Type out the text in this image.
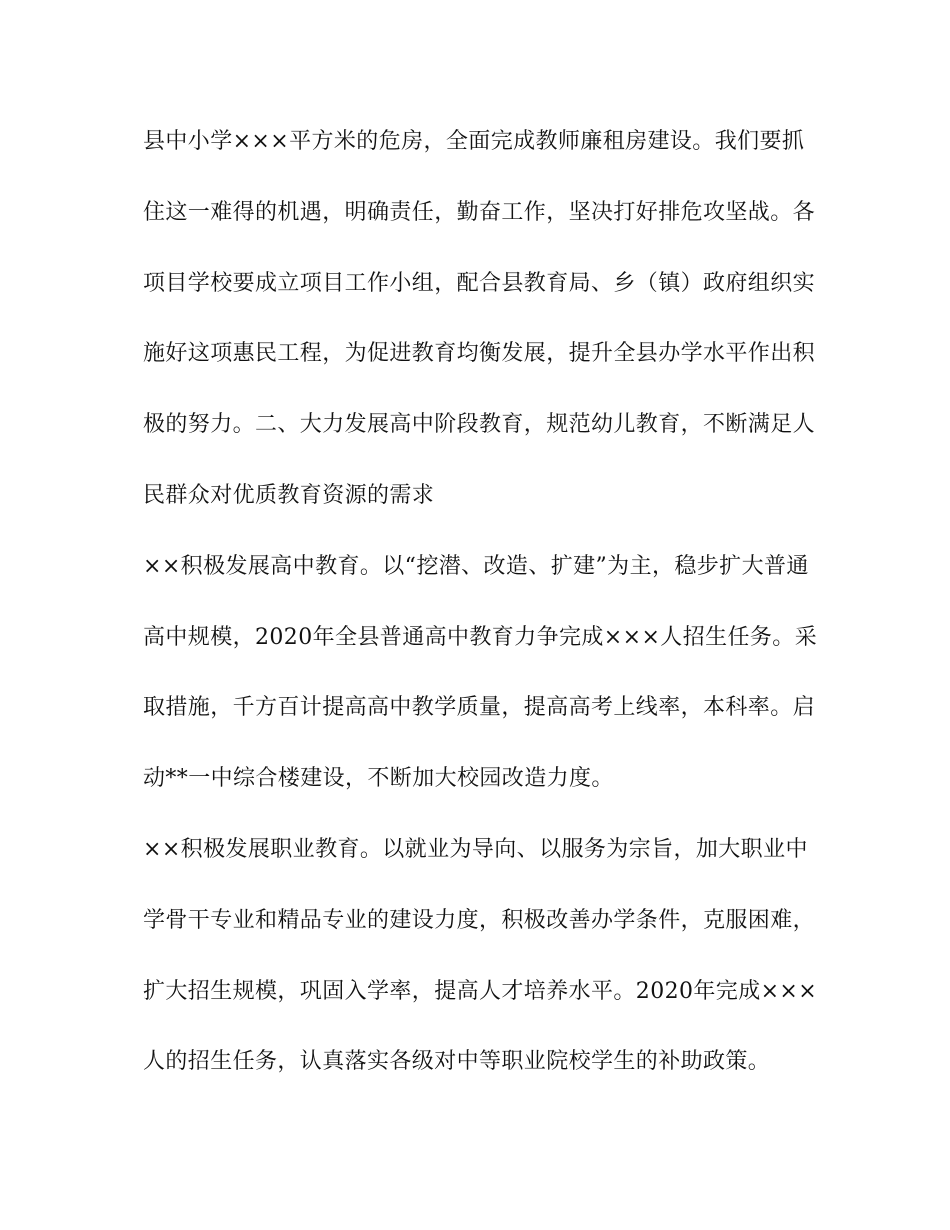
县中小学×××平方米的危房，全面完成教师廉租房建设。我们要抓
住这一难得的机遇，明确责任，勤奋工作，坚决打好排危攻坚战。各
项目学校要成立项目工作小组，配合县教育局、乡（镇）政府组织实
施好这项惠民工程，为促进教育均衡发展，提升全县办学水平作出积
极的努力。二、大力发展高中阶段教育，规范幼儿教育，不断满足人
民群众对优质教育资源的需求
××积极发展高中教育。以“挖潜、改造、扩建”为主，稳步扩大普通
高中规模，2020年全县普通高中教育力争完成×××人招生任务。采
取措施，千方百计提高高中教学质量，提高高考上线率，本科率。启
动**一中综合楼建设，不断加大校园改造力度。
××积极发展职业教育。以就业为导向、以服务为宗旨，加大职业中
学骨干专业和精品专业的建设力度，积极改善办学条件，克服困难，
扩大招生规模，巩固入学率，提高人才培养水平。2020年完成×××
人的招生任务，认真落实各级对中等职业院校学生的补助政策。
